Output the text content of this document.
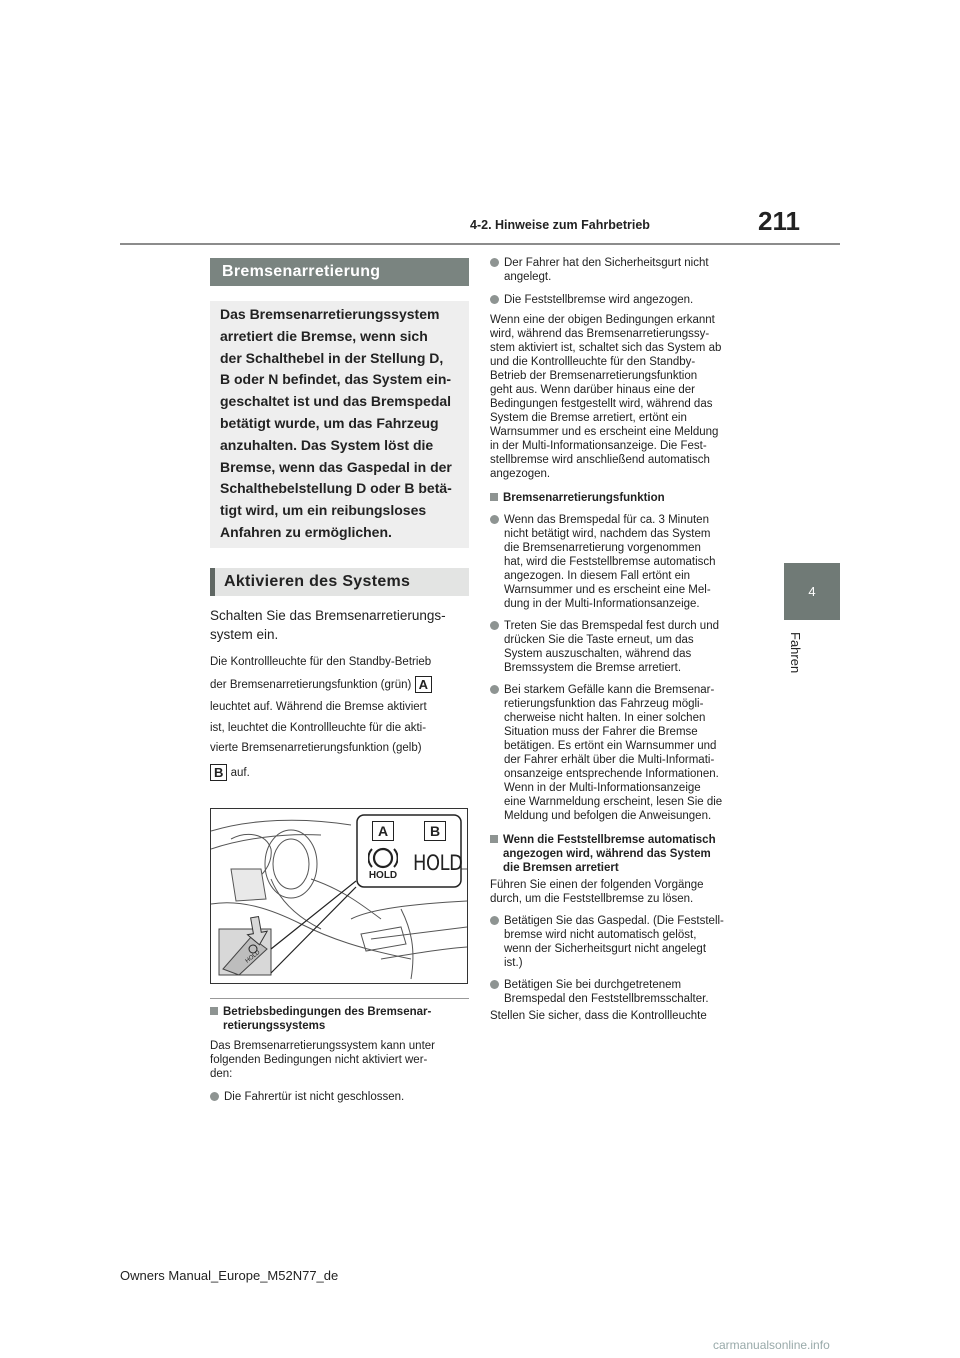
4-2. Hinweise zum Fahrbetrieb	211
4
Fahren
Bremsenarretierung

Das Bremsenarretierungssystem

arretiert die Bremse, wenn sich

der Schalthebel in der Stellung D,

B oder N befindet, das System ein-

geschaltet ist und das Bremspedal

betätigt wurde, um das Fahrzeug

anzuhalten. Das System löst die

Bremse, wenn das Gaspedal in der

Schalthebelstellung D oder B betä-

tigt wird, um ein reibungsloses

Anfahren zu ermöglichen.

Aktivieren des Systems

Schalten Sie das Bremsenarretierungs-

system ein.

Die Kontrollleuchte für den Standby-Betrieb

der Bremsenarretierungsfunktion (grün) A

leuchtet auf. Während die Bremse aktiviert

ist, leuchtet die Kontrollleuchte für die akti-

vierte Bremsenarretierungsfunktion (gelb)

B auf.

HOLD
A	B
HOLD
HOLD
Betriebsbedingungen des Bremsenar-
retierungssystems

Das Bremsenarretierungssystem kann unter

folgenden Bedingungen nicht aktiviert wer-

den:

Die Fahrertür ist nicht geschlossen.
Der Fahrer hat den Sicherheitsgurt nicht
angelegt.
Die Feststellbremse wird angezogen.

Wenn eine der obigen Bedingungen erkannt

wird, während das Bremsenarretierungssy-

stem aktiviert ist, schaltet sich das System ab

und die Kontrollleuchte für den Standby-

Betrieb der Bremsenarretierungsfunktion

geht aus. Wenn darüber hinaus eine der

Bedingungen festgestellt wird, während das

System die Bremse arretiert, ertönt ein

Warnsummer und es erscheint eine Meldung

in der Multi-Informationsanzeige. Die Fest-

stellbremse wird anschließend automatisch

angezogen.

Bremsenarretierungsfunktion
Wenn das Bremspedal für ca. 3 Minuten
nicht betätigt wird, nachdem das System
die Bremsenarretierung vorgenommen
hat, wird die Feststellbremse automatisch
angezogen. In diesem Fall ertönt ein
Warnsummer und es erscheint eine Mel-
dung in der Multi-Informationsanzeige.
Treten Sie das Bremspedal fest durch und
drücken Sie die Taste erneut, um das
System auszuschalten, während das
Bremssystem die Bremse arretiert.
Bei starkem Gefälle kann die Bremsenar-
retierungsfunktion das Fahrzeug mögli-
cherweise nicht halten. In einer solchen
Situation muss der Fahrer die Bremse
betätigen. Es ertönt ein Warnsummer und
der Fahrer erhält über die Multi-Informati-
onsanzeige entsprechende Informationen.
Wenn in der Multi-Informationsanzeige
eine Warnmeldung erscheint, lesen Sie die
Meldung und befolgen die Anweisungen.
Wenn die Feststellbremse automatisch
angezogen wird, während das System
die Bremsen arretiert

Führen Sie einen der folgenden Vorgänge

durch, um die Feststellbremse zu lösen.

Betätigen Sie das Gaspedal. (Die Feststell-
bremse wird nicht automatisch gelöst,
wenn der Sicherheitsgurt nicht angelegt
ist.)
Betätigen Sie bei durchgetretenem
Bremspedal den Feststellbremsschalter.

Stellen Sie sicher, dass die Kontrollleuchte

Owners Manual_Europe_M52N77_de
carmanualsonline.info
